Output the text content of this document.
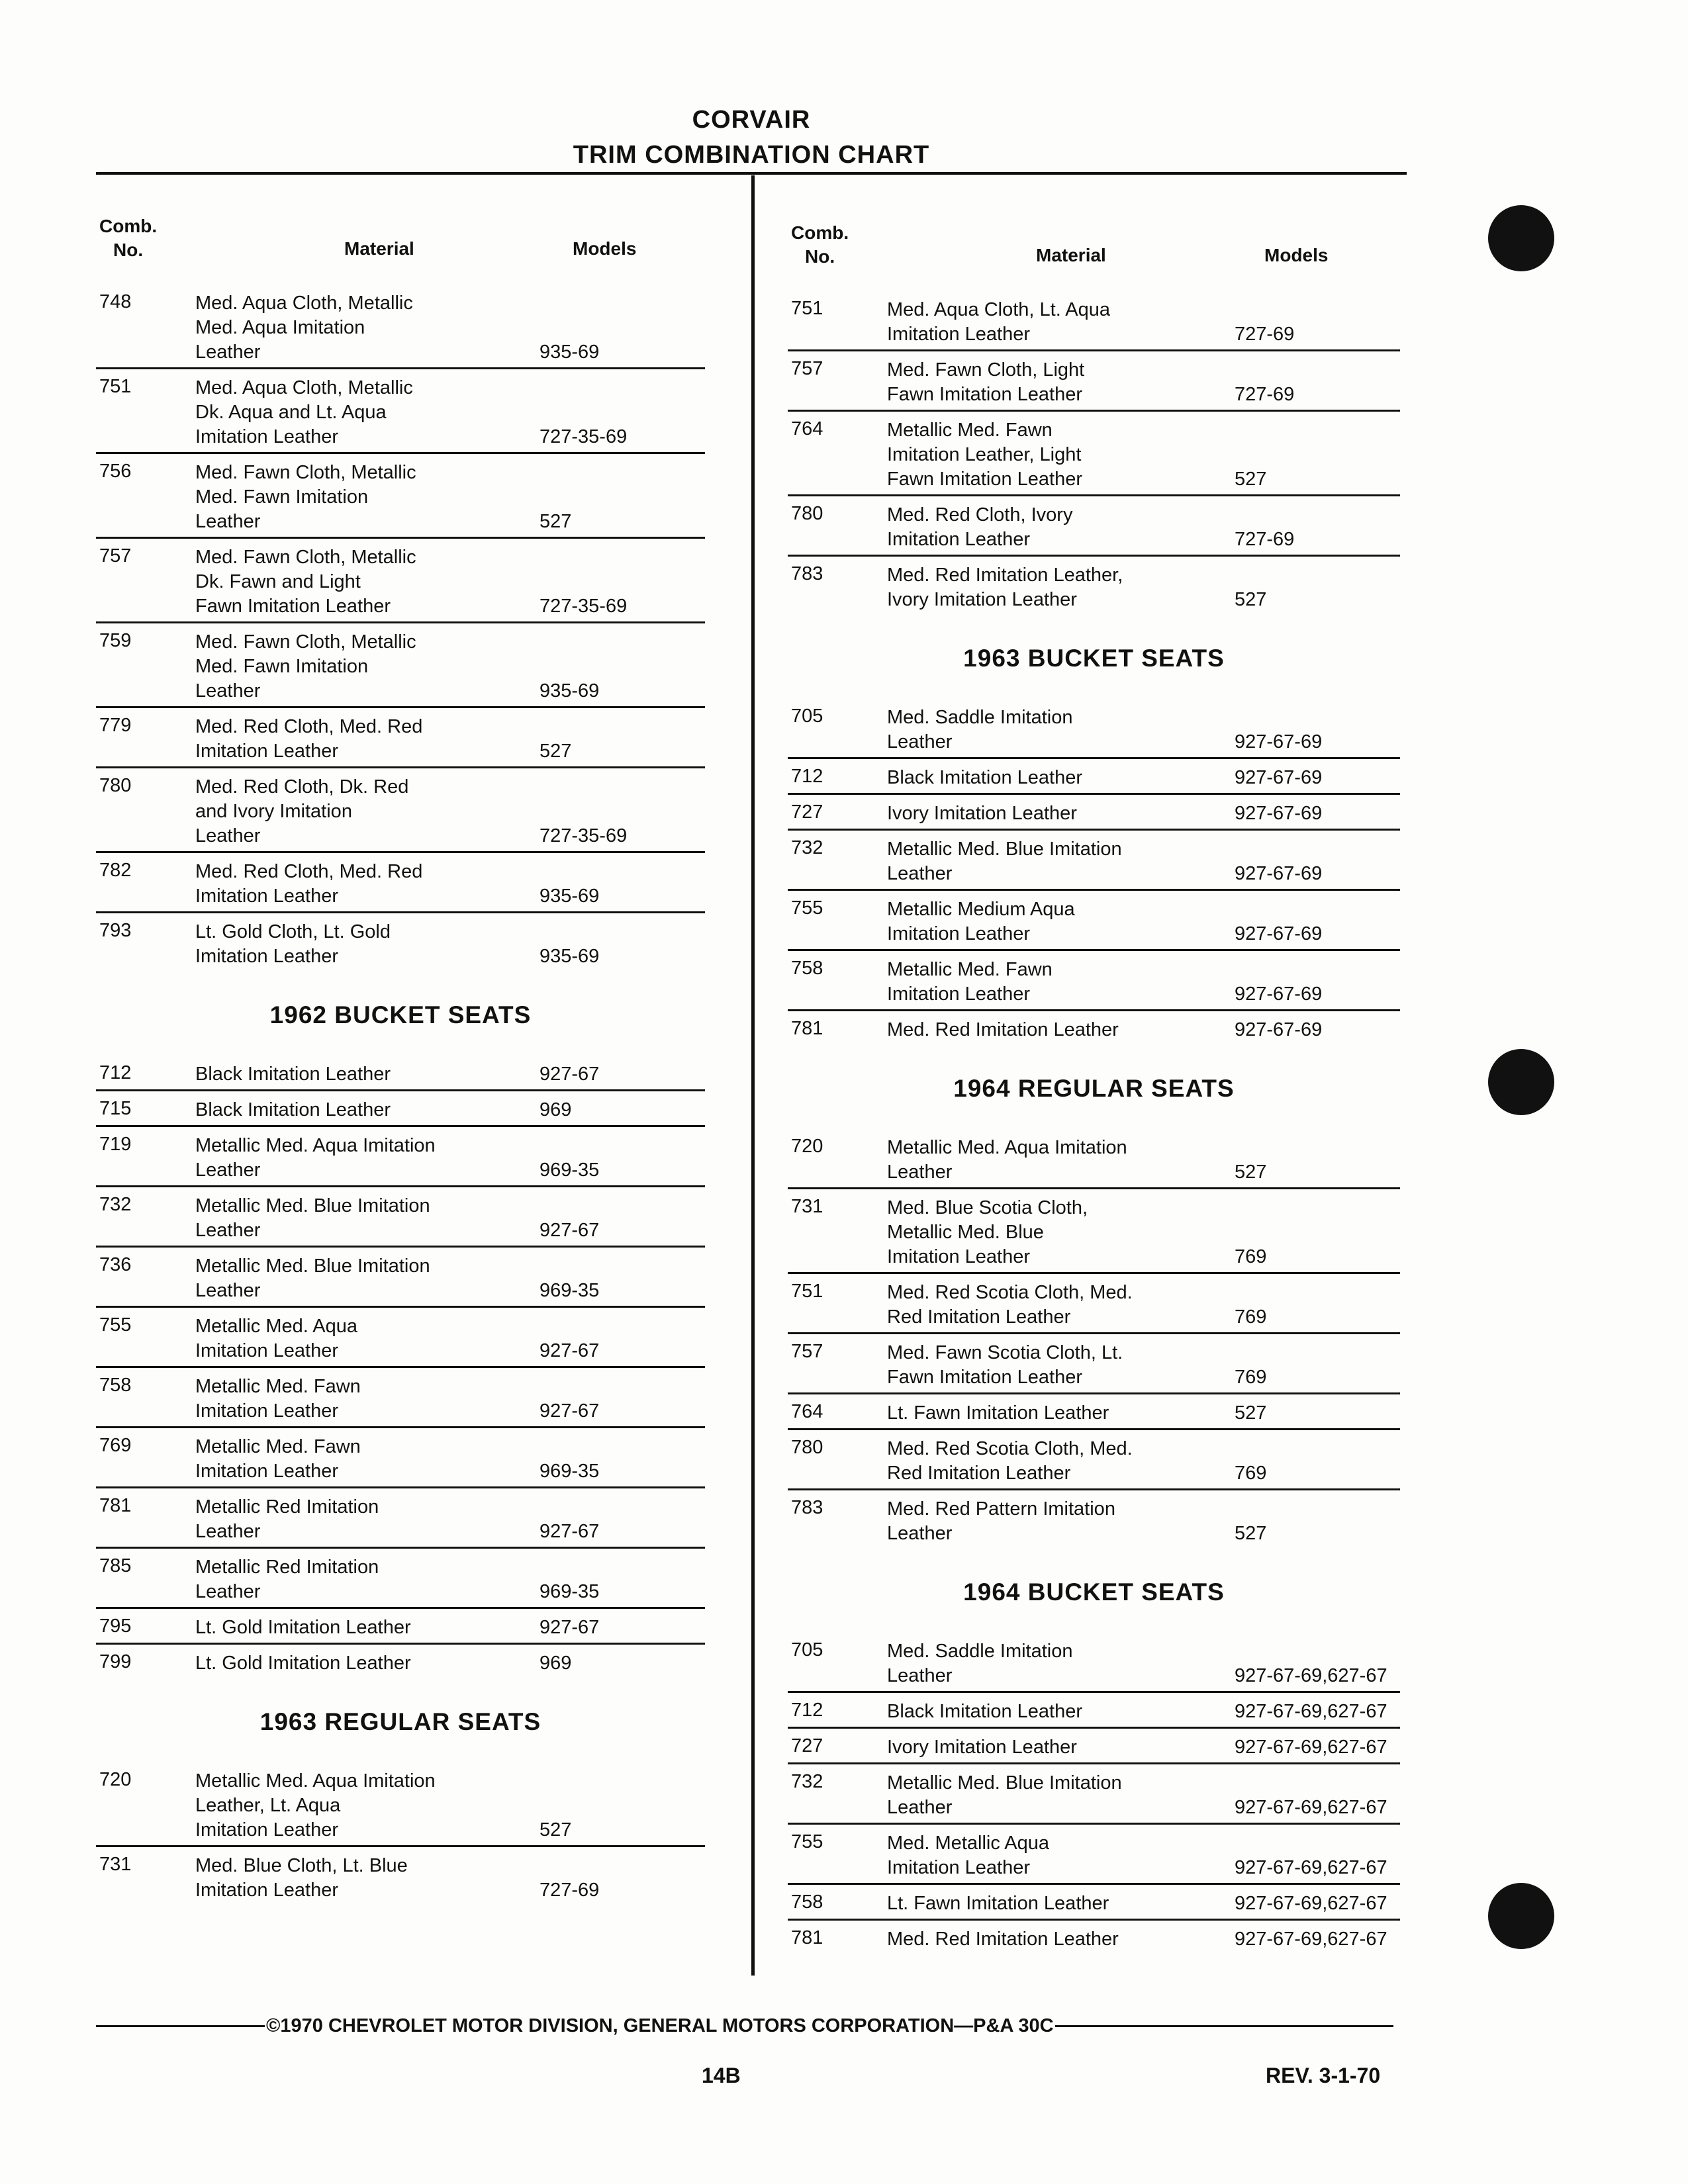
CORVAIR
TRIM COMBINATION CHART
Comb.
No.	Material	Models
748	Med. Aqua Cloth, Metallic
Med. Aqua Imitation
Leather	935-69
751	Med. Aqua Cloth, Metallic
Dk. Aqua and Lt. Aqua
Imitation Leather	727-35-69
756	Med. Fawn Cloth, Metallic
Med. Fawn Imitation
Leather	527
757	Med. Fawn Cloth, Metallic
Dk. Fawn and Light
Fawn Imitation Leather	727-35-69
759	Med. Fawn Cloth, Metallic
Med. Fawn Imitation
Leather	935-69
779	Med. Red Cloth, Med. Red
Imitation Leather	527
780	Med. Red Cloth, Dk. Red
and Ivory Imitation
Leather	727-35-69
782	Med. Red Cloth, Med. Red
Imitation Leather	935-69
793	Lt. Gold Cloth, Lt. Gold
Imitation Leather	935-69
1962 BUCKET SEATS
712	Black Imitation Leather	927-67
715	Black Imitation Leather	969
719	Metallic Med. Aqua Imitation
Leather	969-35
732	Metallic Med. Blue Imitation
Leather	927-67
736	Metallic Med. Blue Imitation
Leather	969-35
755	Metallic Med. Aqua
Imitation Leather	927-67
758	Metallic Med. Fawn
Imitation Leather	927-67
769	Metallic Med. Fawn
Imitation Leather	969-35
781	Metallic Red Imitation
Leather	927-67
785	Metallic Red Imitation
Leather	969-35
795	Lt. Gold Imitation Leather	927-67
799	Lt. Gold Imitation Leather	969
1963 REGULAR SEATS
720	Metallic Med. Aqua Imitation
Leather, Lt. Aqua
Imitation Leather	527
731	Med. Blue Cloth, Lt. Blue
Imitation Leather	727-69
Comb.
No.	Material	Models
751	Med. Aqua Cloth, Lt. Aqua
Imitation Leather	727-69
757	Med. Fawn Cloth, Light
Fawn Imitation Leather	727-69
764	Metallic Med. Fawn
Imitation Leather, Light
Fawn Imitation Leather	527
780	Med. Red Cloth, Ivory
Imitation Leather	727-69
783	Med. Red Imitation Leather,
Ivory Imitation Leather	527
1963 BUCKET SEATS
705	Med. Saddle Imitation
Leather	927-67-69
712	Black Imitation Leather	927-67-69
727	Ivory Imitation Leather	927-67-69
732	Metallic Med. Blue Imitation
Leather	927-67-69
755	Metallic Medium Aqua
Imitation Leather	927-67-69
758	Metallic Med. Fawn
Imitation Leather	927-67-69
781	Med. Red Imitation Leather	927-67-69
1964 REGULAR SEATS
720	Metallic Med. Aqua Imitation
Leather	527
731	Med. Blue Scotia Cloth,
Metallic Med. Blue
Imitation Leather	769
751	Med. Red Scotia Cloth, Med.
Red Imitation Leather	769
757	Med. Fawn Scotia Cloth, Lt.
Fawn Imitation Leather	769
764	Lt. Fawn Imitation Leather	527
780	Med. Red Scotia Cloth, Med.
Red Imitation Leather	769
783	Med. Red Pattern Imitation
Leather	527
1964 BUCKET SEATS
705	Med. Saddle Imitation
Leather	927-67-69,627-67
712	Black Imitation Leather	927-67-69,627-67
727	Ivory Imitation Leather	927-67-69,627-67
732	Metallic Med. Blue Imitation
Leather	927-67-69,627-67
755	Med. Metallic Aqua
Imitation Leather	927-67-69,627-67
758	Lt. Fawn Imitation Leather	927-67-69,627-67
781	Med. Red Imitation Leather	927-67-69,627-67
©1970 CHEVROLET MOTOR DIVISION, GENERAL MOTORS CORPORATION—P&A 30C
14B	REV. 3-1-70
